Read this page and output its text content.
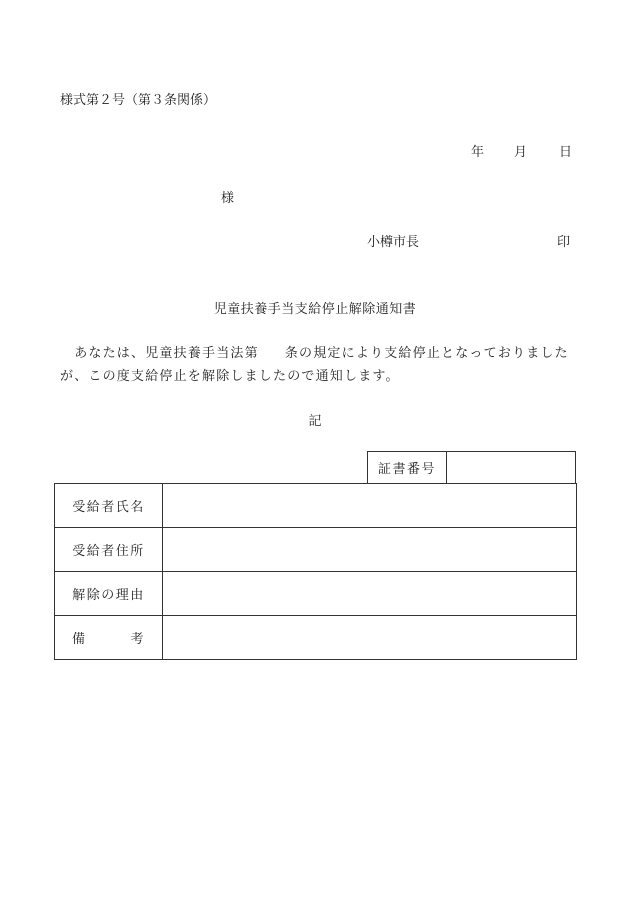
様式第２号（第３条関係）
年 月 日
様
小樽市長	印
児童扶養手当支給停止解除通知書
　あなたは、児童扶養手当法第 条の規定により支給停止となっておりましたが、この度支給停止を解除しましたので通知します。
記
証書番号
受給者氏名	
受給者住所	
解除の理由	

備 考	
